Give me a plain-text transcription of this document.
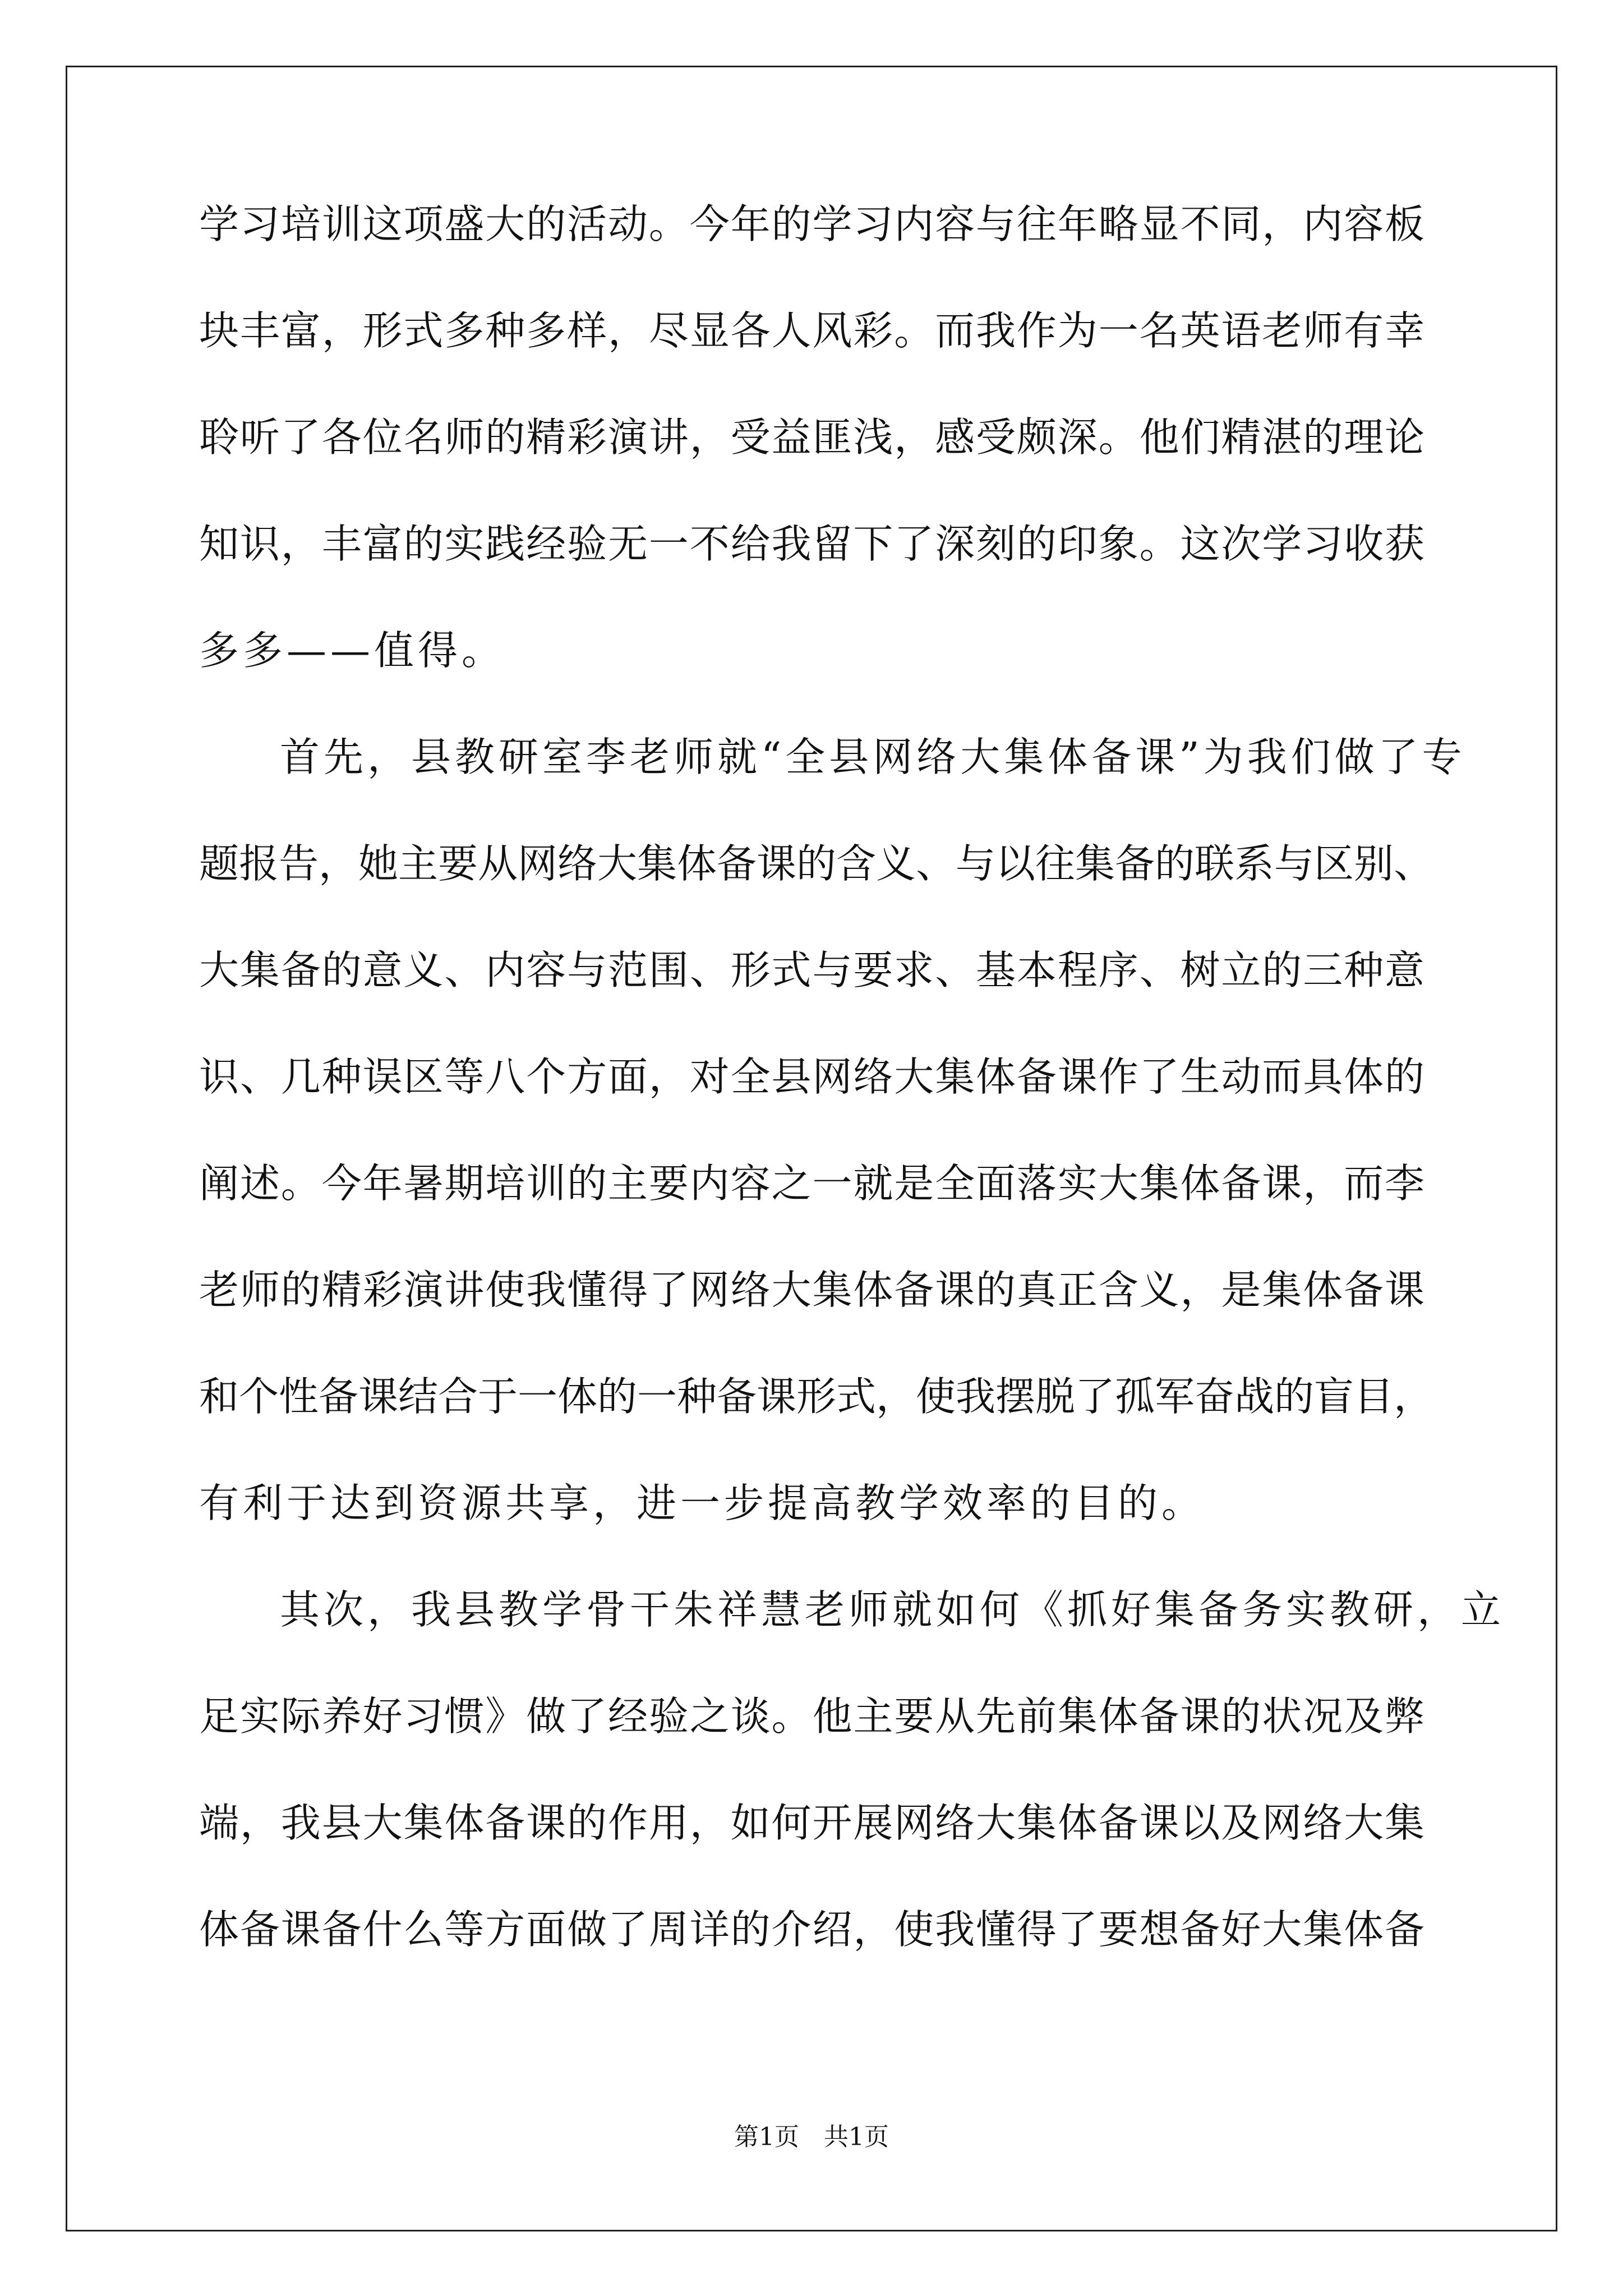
学习培训这项盛大的活动。今年的学习内容与往年略显不同，内容板
块丰富，形式多种多样，尽显各人风彩。而我作为一名英语老师有幸
聆听了各位名师的精彩演讲，受益匪浅，感受颇深。他们精湛的理论
知识，丰富的实践经验无一不给我留下了深刻的印象。这次学习收获
多多——值得。
首先，县教研室李老师就“全县网络大集体备课”为我们做了专
题报告，她主要从网络大集体备课的含义、与以往集备的联系与区别、
大集备的意义、内容与范围、形式与要求、基本程序、树立的三种意
识、几种误区等八个方面，对全县网络大集体备课作了生动而具体的
阐述。今年暑期培训的主要内容之一就是全面落实大集体备课，而李
老师的精彩演讲使我懂得了网络大集体备课的真正含义，是集体备课
和个性备课结合于一体的一种备课形式，使我摆脱了孤军奋战的盲目，
有利于达到资源共享，进一步提高教学效率的目的。
其次，我县教学骨干朱祥慧老师就如何《抓好集备务实教研，立
足实际养好习惯》做了经验之谈。他主要从先前集体备课的状况及弊
端，我县大集体备课的作用，如何开展网络大集体备课以及网络大集
体备课备什么等方面做了周详的介绍，使我懂得了要想备好大集体备
第1页　共1页
